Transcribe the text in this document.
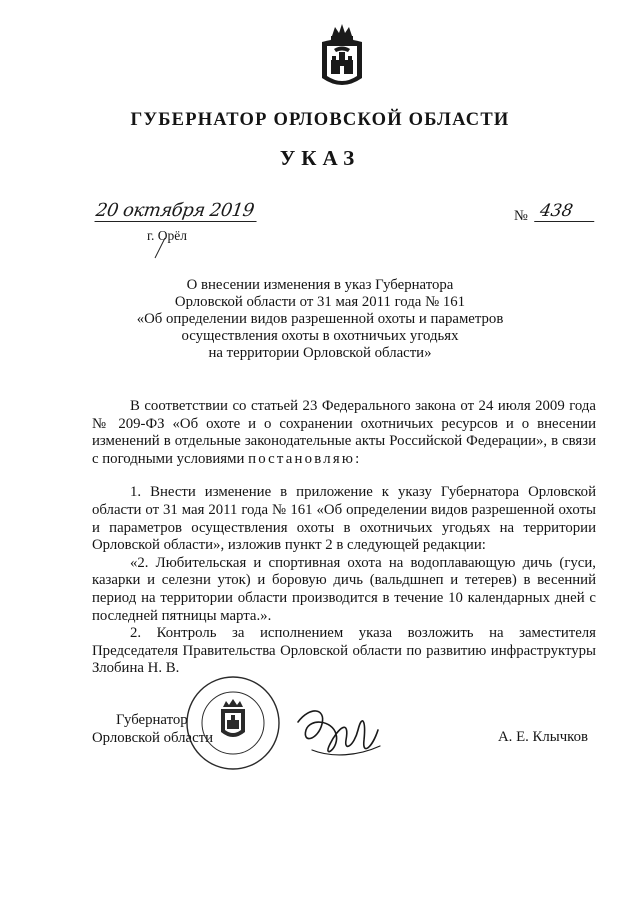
ГУБЕРНАТОР ОРЛОВСКОЙ ОБЛАСТИ
УКАЗ
20 октября 2019
г. Орёл
№ 438
О внесении изменения в указ Губернатора
Орловской области от 31 мая 2011 года № 161
«Об определении видов разрешенной охоты и параметров
осуществления охоты в охотничьих угодьях
на территории Орловской области»

В соответствии со статьей 23 Федерального закона от 24 июля 2009 года № 209-ФЗ «Об охоте и о сохранении охотничьих ресурсов и о внесении изменений в отдельные законодательные акты Российской Федерации», в связи с погодными условиями постановляю:

1. Внести изменение в приложение к указу Губернатора Орловской области от 31 мая 2011 года № 161 «Об определении видов разрешенной охоты и параметров осуществления охоты в охотничьих угодьях на территории Орловской области», изложив пункт 2 в следующей редакции:

«2. Любительская и спортивная охота на водоплавающую дичь (гуси, казарки и селезни уток) и боровую дичь (вальдшнеп и тетерев) в весенний период на территории области производится в течение 10 календарных дней с последней пятницы марта.».

2. Контроль за исполнением указа возложить на заместителя Председателя Правительства Орловской области по развитию инфраструктуры Злобина Н. В.

Губернатор
Орловской области	А. Е. Клычков
